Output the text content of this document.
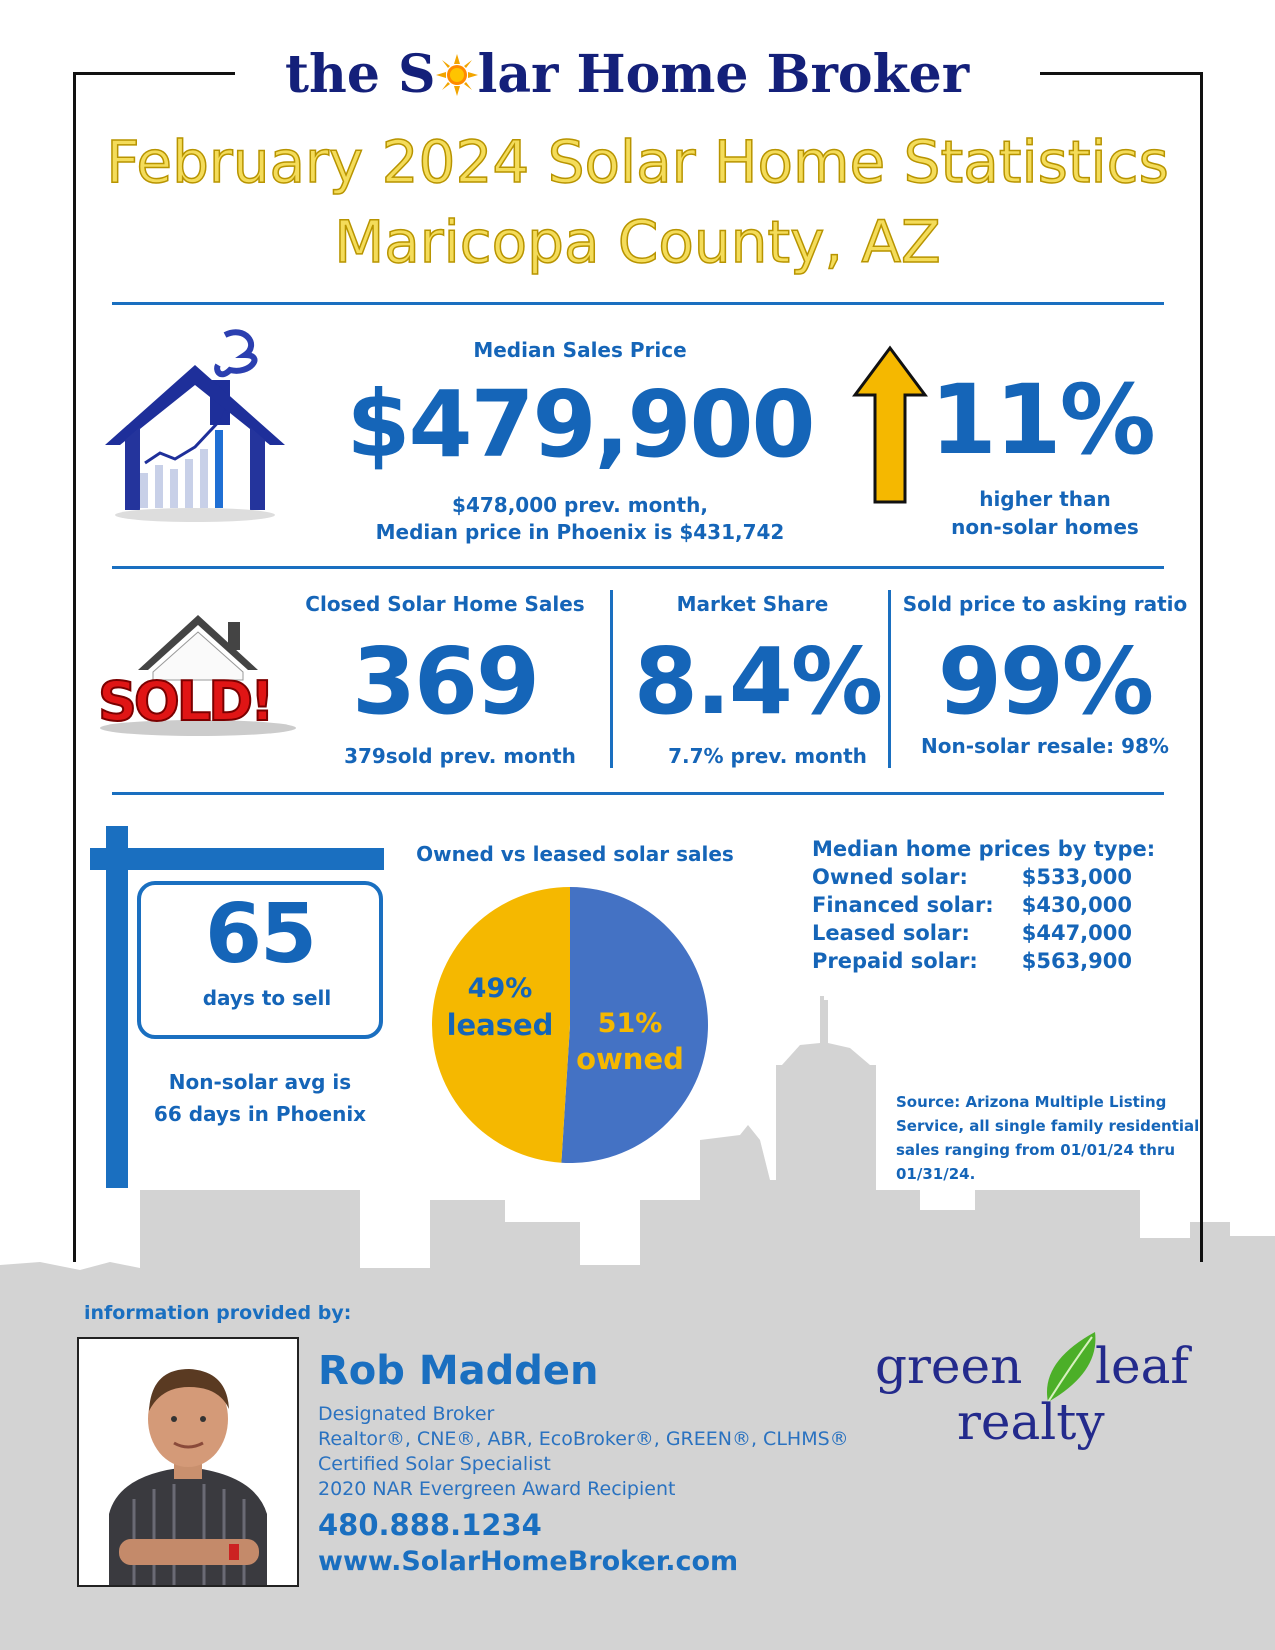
the S lar Home Broker
February 2024 Solar Home Statistics
Maricopa County, AZ
Median Sales Price
$479,900
$478,000 prev. month,
Median price in Phoenix is $431,742
11%
higher than
non-solar homes
SOLD!
Closed Solar Home Sales
369
379sold prev. month
Market Share
8.4%
7.7% prev. month
Sold price to asking ratio
99%
Non-solar resale: 98%
65
days to sell
Non-solar avg is
66 days in Phoenix
Owned vs leased solar sales
49%
leased	51%
owned
Median home prices by type:
Owned solar:	$533,000
Financed solar: $430,000
Leased solar: $447,000
Prepaid solar: $563,900
Source: Arizona Multiple Listing
Service, all single family residential
sales ranging from 01/01/24 thru
01/31/24.
information provided by:
Rob Madden
Designated Broker
Realtor®, CNE®, ABR, EcoBroker®, GREEN®, CLHMS®
Certified Solar Specialist
2020 NAR Evergreen Award Recipient
480.888.1234
www.SolarHomeBroker.com
green leaf
realty
